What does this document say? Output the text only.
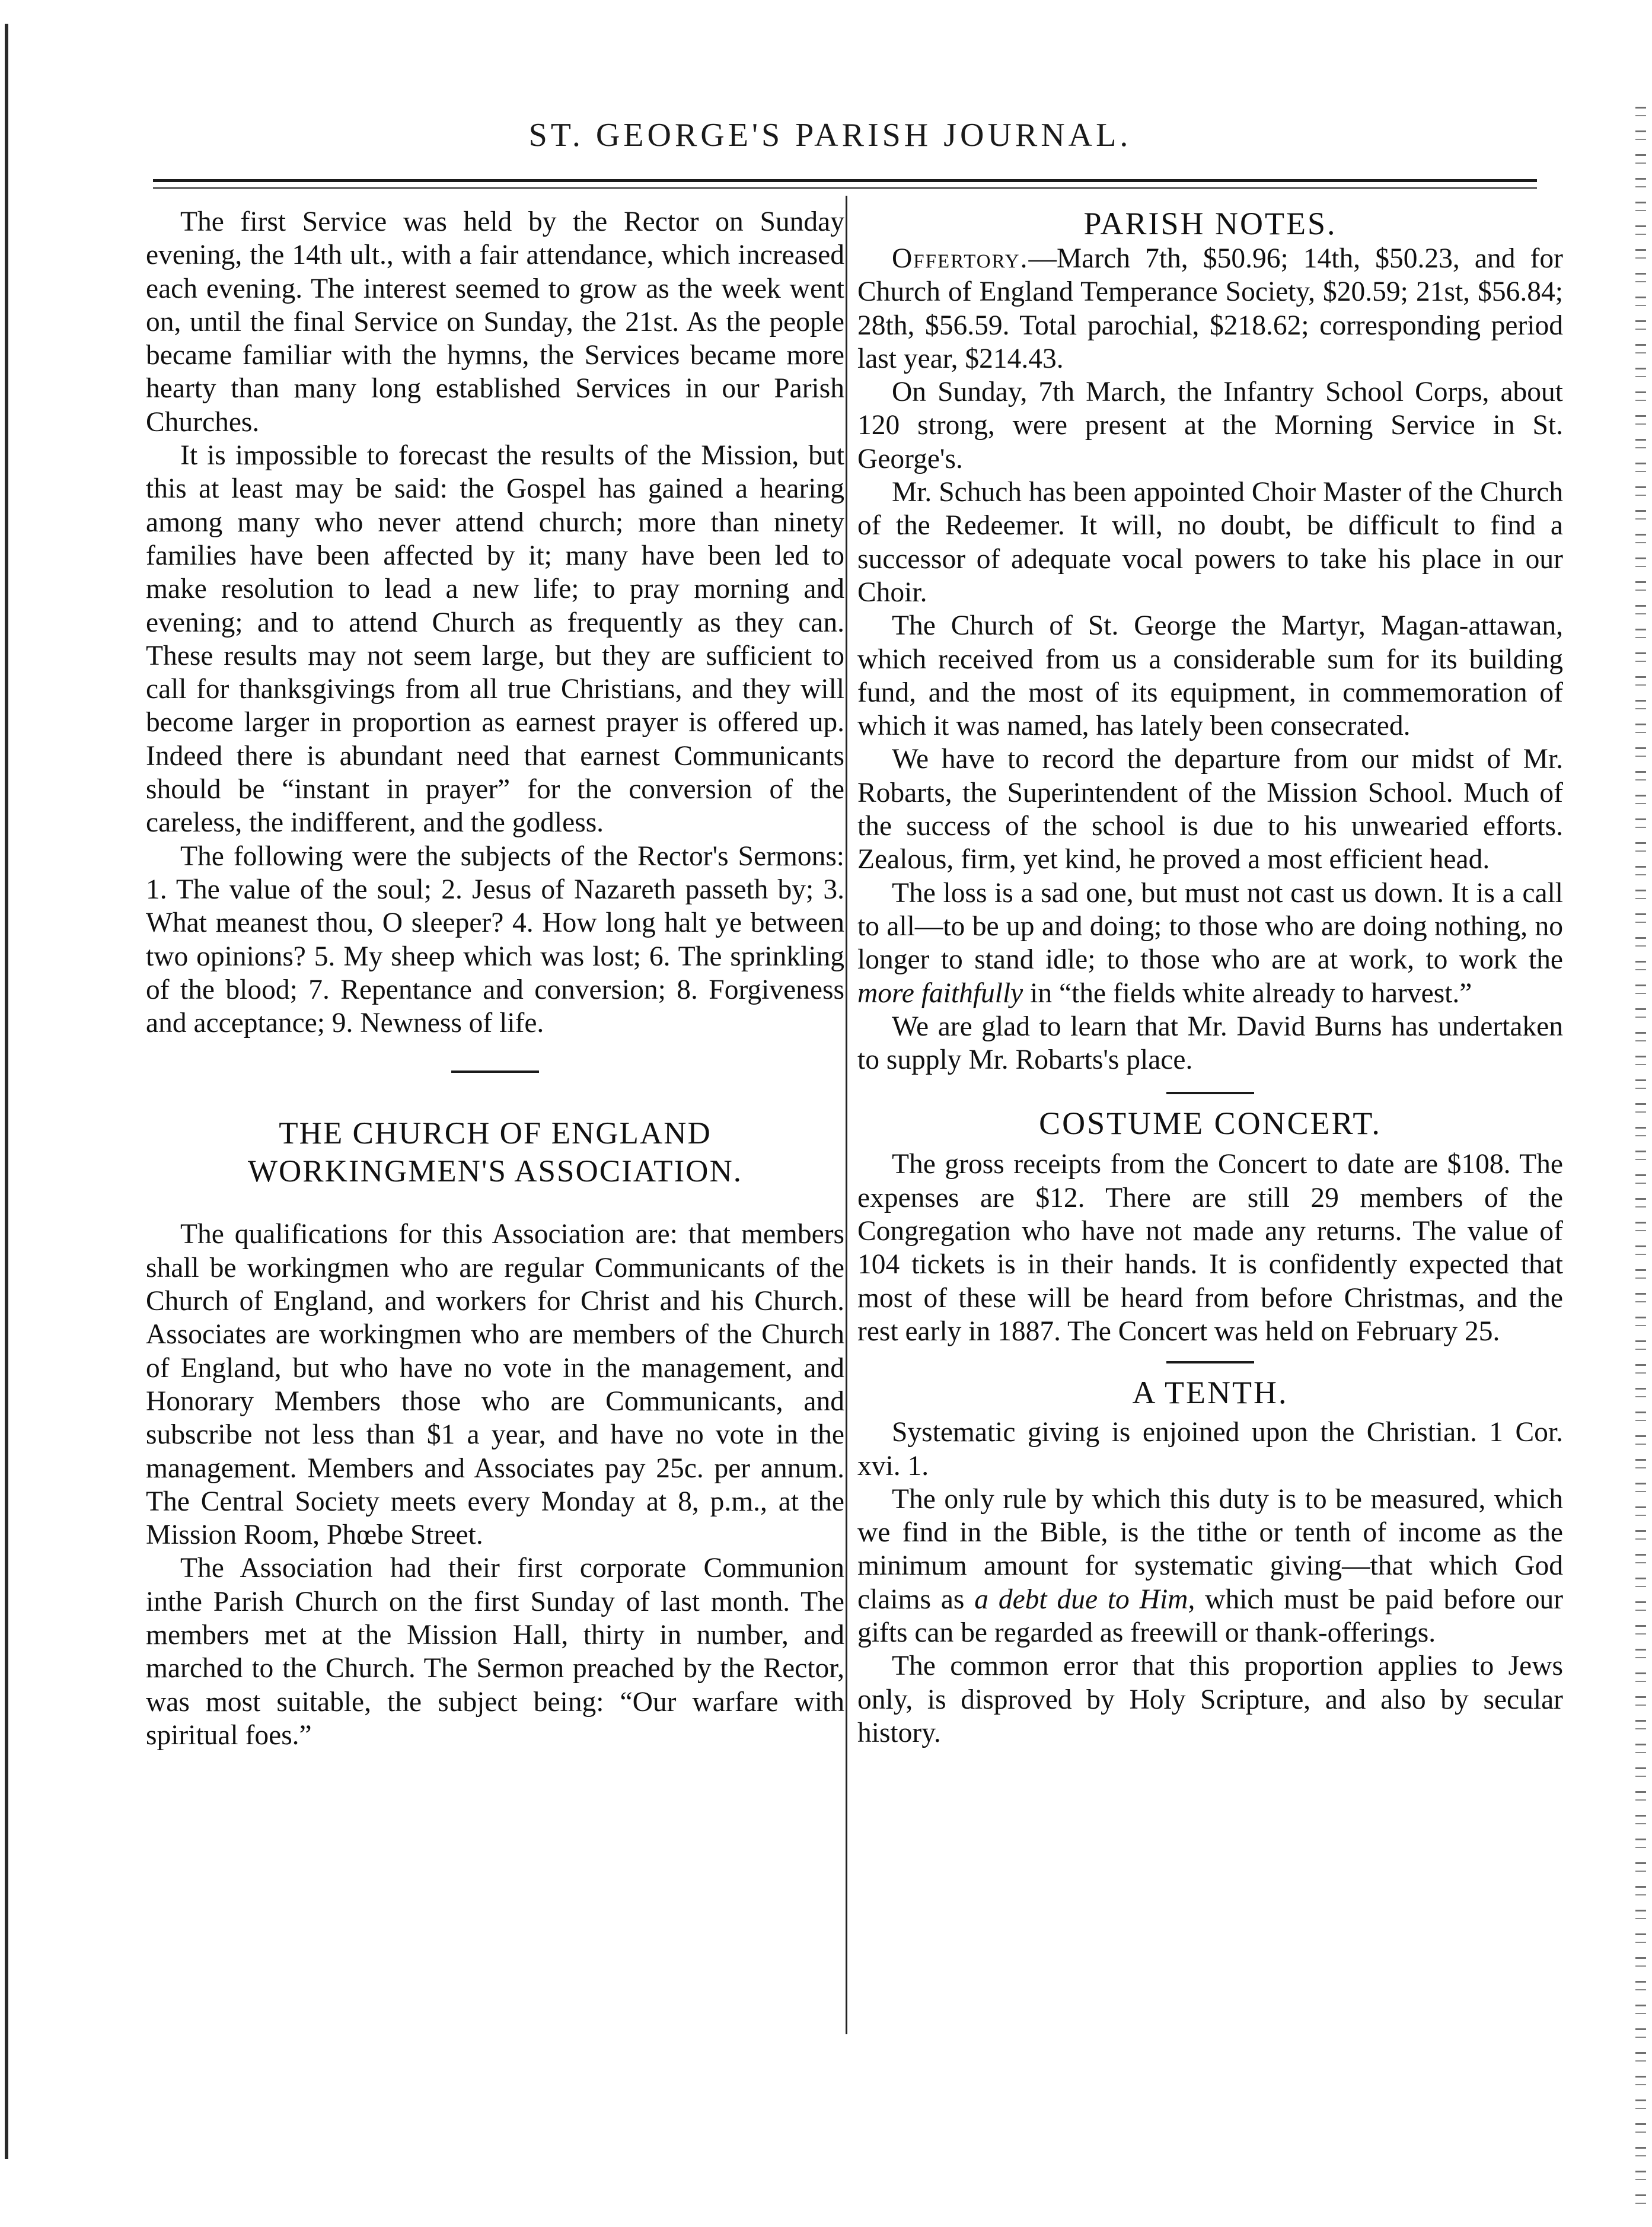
ST. GEORGE'S PARISH JOURNAL.

The first Service was held by the Rector on Sunday evening, the 14th ult., with a fair attendance, which increased each evening. The interest seemed to grow as the week went on, until the final Service on Sunday, the 21st. As the people became familiar with the hymns, the Services became more hearty than many long established Services in our Parish Churches.

It is impossible to forecast the results of the Mission, but this at least may be said: the Gospel has gained a hearing among many who never attend church; more than ninety families have been affected by it; many have been led to make resolution to lead a new life; to pray morning and evening; and to attend Church as frequently as they can. These results may not seem large, but they are sufficient to call for thanksgivings from all true Christians, and they will become larger in proportion as earnest prayer is offered up. Indeed there is abundant need that earnest Communicants should be “instant in prayer” for the conversion of the careless, the indifferent, and the godless.

The following were the subjects of the Rector's Sermons: 1. The value of the soul; 2. Jesus of Nazareth passeth by; 3. What meanest thou, O sleeper? 4. How long halt ye between two opinions? 5. My sheep which was lost; 6. The sprinkling of the blood; 7. Repentance and conversion; 8. Forgiveness and acceptance; 9. Newness of life.

THE CHURCH OF ENGLAND WORKINGMEN'S ASSOCIATION.

The qualifications for this Association are: that members shall be workingmen who are regular Communicants of the Church of England, and workers for Christ and his Church. Associates are workingmen who are members of the Church of England, but who have no vote in the management, and Honorary Members those who are Communicants, and subscribe not less than $1 a year, and have no vote in the management. Members and Associates pay 25c. per annum. The Central Society meets every Monday at 8, p.m., at the Mission Room, Phœbe Street.

The Association had their first corporate Communion inthe Parish Church on the first Sunday of last month. The members met at the Mission Hall, thirty in number, and marched to the Church. The Sermon preached by the Rector, was most suitable, the subject being: “Our warfare with spiritual foes.”

PARISH NOTES.

Offertory.—March 7th, $50.96; 14th, $50.23, and for Church of England Temperance Society, $20.59; 21st, $56.84; 28th, $56.59. Total parochial, $218.62; corresponding period last year, $214.43.

On Sunday, 7th March, the Infantry School Corps, about 120 strong, were present at the Morning Service in St. George's.

Mr. Schuch has been appointed Choir Master of the Church of the Redeemer. It will, no doubt, be difficult to find a successor of adequate vocal powers to take his place in our Choir.

The Church of St. George the Martyr, Magan-attawan, which received from us a considerable sum for its building fund, and the most of its equipment, in commemoration of which it was named, has lately been consecrated.

We have to record the departure from our midst of Mr. Robarts, the Superintendent of the Mission School. Much of the success of the school is due to his unwearied efforts. Zealous, firm, yet kind, he proved a most efficient head.

The loss is a sad one, but must not cast us down. It is a call to all—to be up and doing; to those who are doing nothing, no longer to stand idle; to those who are at work, to work the more faithfully in “the fields white already to harvest.”

We are glad to learn that Mr. David Burns has undertaken to supply Mr. Robarts's place.

COSTUME CONCERT.

The gross receipts from the Concert to date are $108. The expenses are $12. There are still 29 members of the Congregation who have not made any returns. The value of 104 tickets is in their hands. It is confidently expected that most of these will be heard from before Christmas, and the rest early in 1887. The Concert was held on February 25.

A TENTH.

Systematic giving is enjoined upon the Christian. 1 Cor. xvi. 1.

The only rule by which this duty is to be measured, which we find in the Bible, is the tithe or tenth of income as the minimum amount for systematic giving—that which God claims as a debt due to Him, which must be paid before our gifts can be regarded as freewill or thank-offerings.

The common error that this proportion applies to Jews only, is disproved by Holy Scripture, and also by secular history.
